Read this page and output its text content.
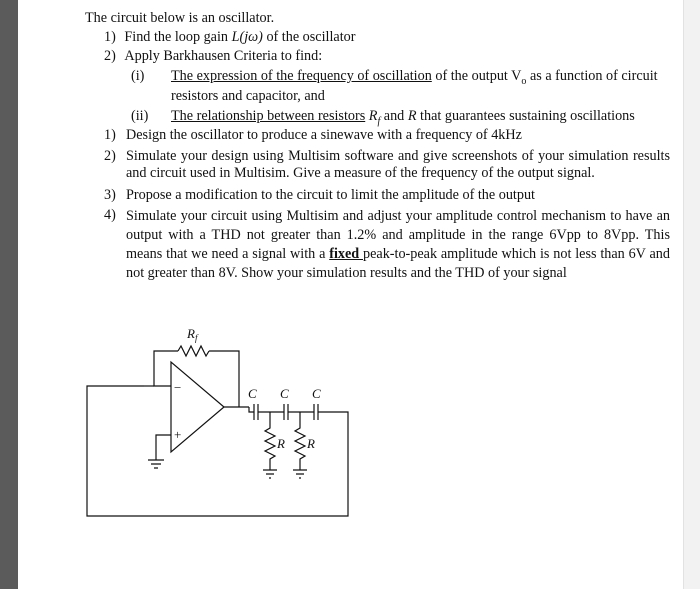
The circuit below is an oscillator.
1) Find the loop gain L(jω) of the oscillator
2) Apply Barkhausen Criteria to find:
(i) The expression of the frequency of oscillation of the output $V_o$ as a function of circuit
resistors and capacitor, and
(ii) The relationship between resistors $R_f$ and R that guarantees sustaining oscillations
1) Design the oscillator to produce a sinewave with a frequency of 4kHz
2) Simulate your design using Multisim software and give screenshots of your simulation results and circuit used in Multisim. Give a measure of the frequency of the output signal.
3) Propose a modification to the circuit to limit the amplitude of the output
4) Simulate your circuit using Multisim and adjust your amplitude control mechanism to have an output with a THD not greater than 1.2% and amplitude in the range 6Vpp to 8Vpp. This means that we need a signal with a fixed peak-to-peak amplitude which is not less than 6V and not greater than 8V. Show your simulation results and the THD of your signal
$R_f$
−
+
C C C
R R
